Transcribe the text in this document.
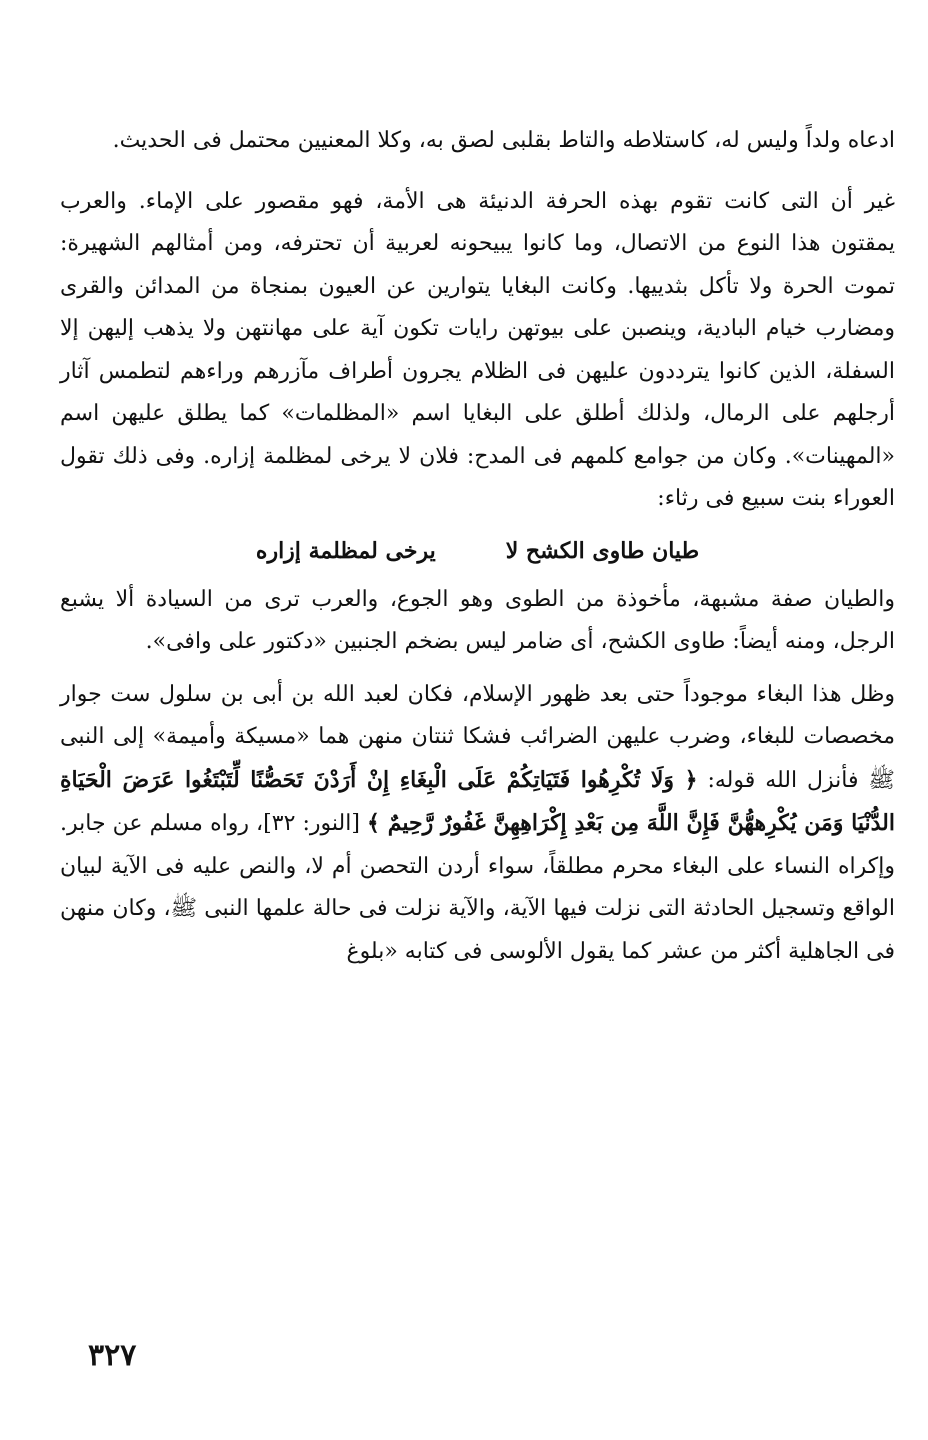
ادعاه ولداً وليس له، كاستلاطه والتاط بقلبى لصق به، وكلا المعنيين محتمل فى الحديث.

غير أن التى كانت تقوم بهذه الحرفة الدنيئة هى الأمة، فهو مقصور على الإماء. والعرب يمقتون هذا النوع من الاتصال، وما كانوا يبيحونه لعربية أن تحترفه، ومن أمثالهم الشهيرة: تموت الحرة ولا تأكل بثدييها. وكانت البغايا يتوارين عن العيون بمنجاة من المدائن والقرى ومضارب خيام البادية، وينصبن على بيوتهن رايات تكون آية على مهانتهن ولا يذهب إليهن إلا السفلة، الذين كانوا يترددون عليهن فى الظلام يجرون أطراف مآزرهم وراءهم لتطمس آثار أرجلهم على الرمال، ولذلك أطلق على البغايا اسم «المظلمات» كما يطلق عليهن اسم «المهينات». وكان من جوامع كلمهم فى المدح: فلان لا يرخى لمظلمة إزاره. وفى ذلك تقول العوراء بنت سبيع فى رثاء:

طيان طاوى الكشح لا
يرخى لمظلمة إزاره

والطيان صفة مشبهة، مأخوذة من الطوى وهو الجوع، والعرب ترى من السيادة ألا يشبع الرجل، ومنه أيضاً: طاوى الكشح، أى ضامر ليس بضخم الجنبين «دكتور على وافى».

وظل هذا البغاء موجوداً حتى بعد ظهور الإسلام، فكان لعبد الله بن أبى بن سلول ست جوار مخصصات للبغاء، وضرب عليهن الضرائب فشكا ثنتان منهن هما «مسيكة وأميمة» إلى النبى ﷺ فأنزل الله قوله: ﴿ وَلَا تُكْرِهُوا فَتَيَاتِكُمْ عَلَى الْبِغَاءِ إِنْ أَرَدْنَ تَحَصُّنًا لِّتَبْتَغُوا عَرَضَ الْحَيَاةِ الدُّنْيَا وَمَن يُكْرِههُّنَّ فَإِنَّ اللَّهَ مِن بَعْدِ إِكْرَاهِهِنَّ غَفُورٌ رَّحِيمٌ ﴾ [النور: ٣٢]، رواه مسلم عن جابر. وإكراه النساء على البغاء محرم مطلقاً، سواء أردن التحصن أم لا، والنص عليه فى الآية لبيان الواقع وتسجيل الحادثة التى نزلت فيها الآية، والآية نزلت فى حالة علمها النبى ﷺ، وكان منهن فى الجاهلية أكثر من عشر كما يقول الألوسى فى كتابه «بلوغ

٣٢٧
